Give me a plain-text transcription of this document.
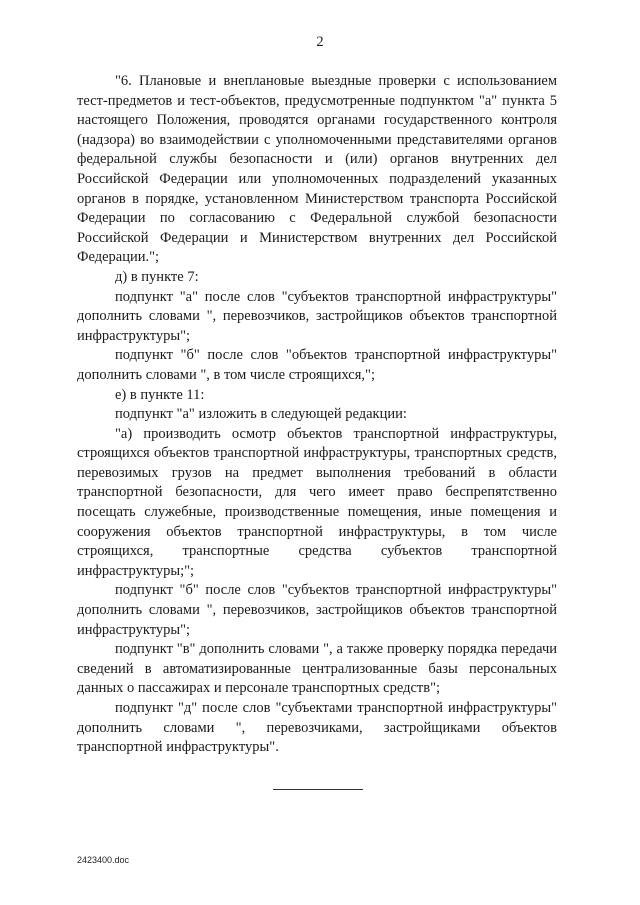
2

"6. Плановые и внеплановые выездные проверки с использованием тест-предметов и тест-объектов, предусмотренные подпунктом "а" пункта 5 настоящего Положения, проводятся органами государственного контроля (надзора) во взаимодействии с уполномоченными представителями органов федеральной службы безопасности и (или) органов внутренних дел Российской Федерации или уполномоченных подразделений указанных органов в порядке, установленном Министерством транспорта Российской Федерации по согласованию с Федеральной службой безопасности Российской Федерации и Министерством внутренних дел Российской Федерации.";

д) в пункте 7:

подпункт "а" после слов "субъектов транспортной инфраструктуры" дополнить словами ", перевозчиков, застройщиков объектов транспортной инфраструктуры";

подпункт "б" после слов "объектов транспортной инфраструктуры" дополнить словами ", в том числе строящихся,";

е) в пункте 11:

подпункт "а" изложить в следующей редакции:

"а) производить осмотр объектов транспортной инфраструктуры, строящихся объектов транспортной инфраструктуры, транспортных средств, перевозимых грузов на предмет выполнения требований в области транспортной безопасности, для чего имеет право беспрепятственно посещать служебные, производственные помещения, иные помещения и сооружения объектов транспортной инфраструктуры, в том числе строящихся, транспортные средства субъектов транспортной инфраструктуры;";

подпункт "б" после слов "субъектов транспортной инфраструктуры" дополнить словами ", перевозчиков, застройщиков объектов транспортной инфраструктуры";

подпункт "в" дополнить словами ", а также проверку порядка передачи сведений в автоматизированные централизованные базы персональных данных о пассажирах и персонале транспортных средств";

подпункт "д" после слов "субъектами транспортной инфраструктуры" дополнить словами ", перевозчиками, застройщиками объектов транспортной инфраструктуры".

2423400.doc
